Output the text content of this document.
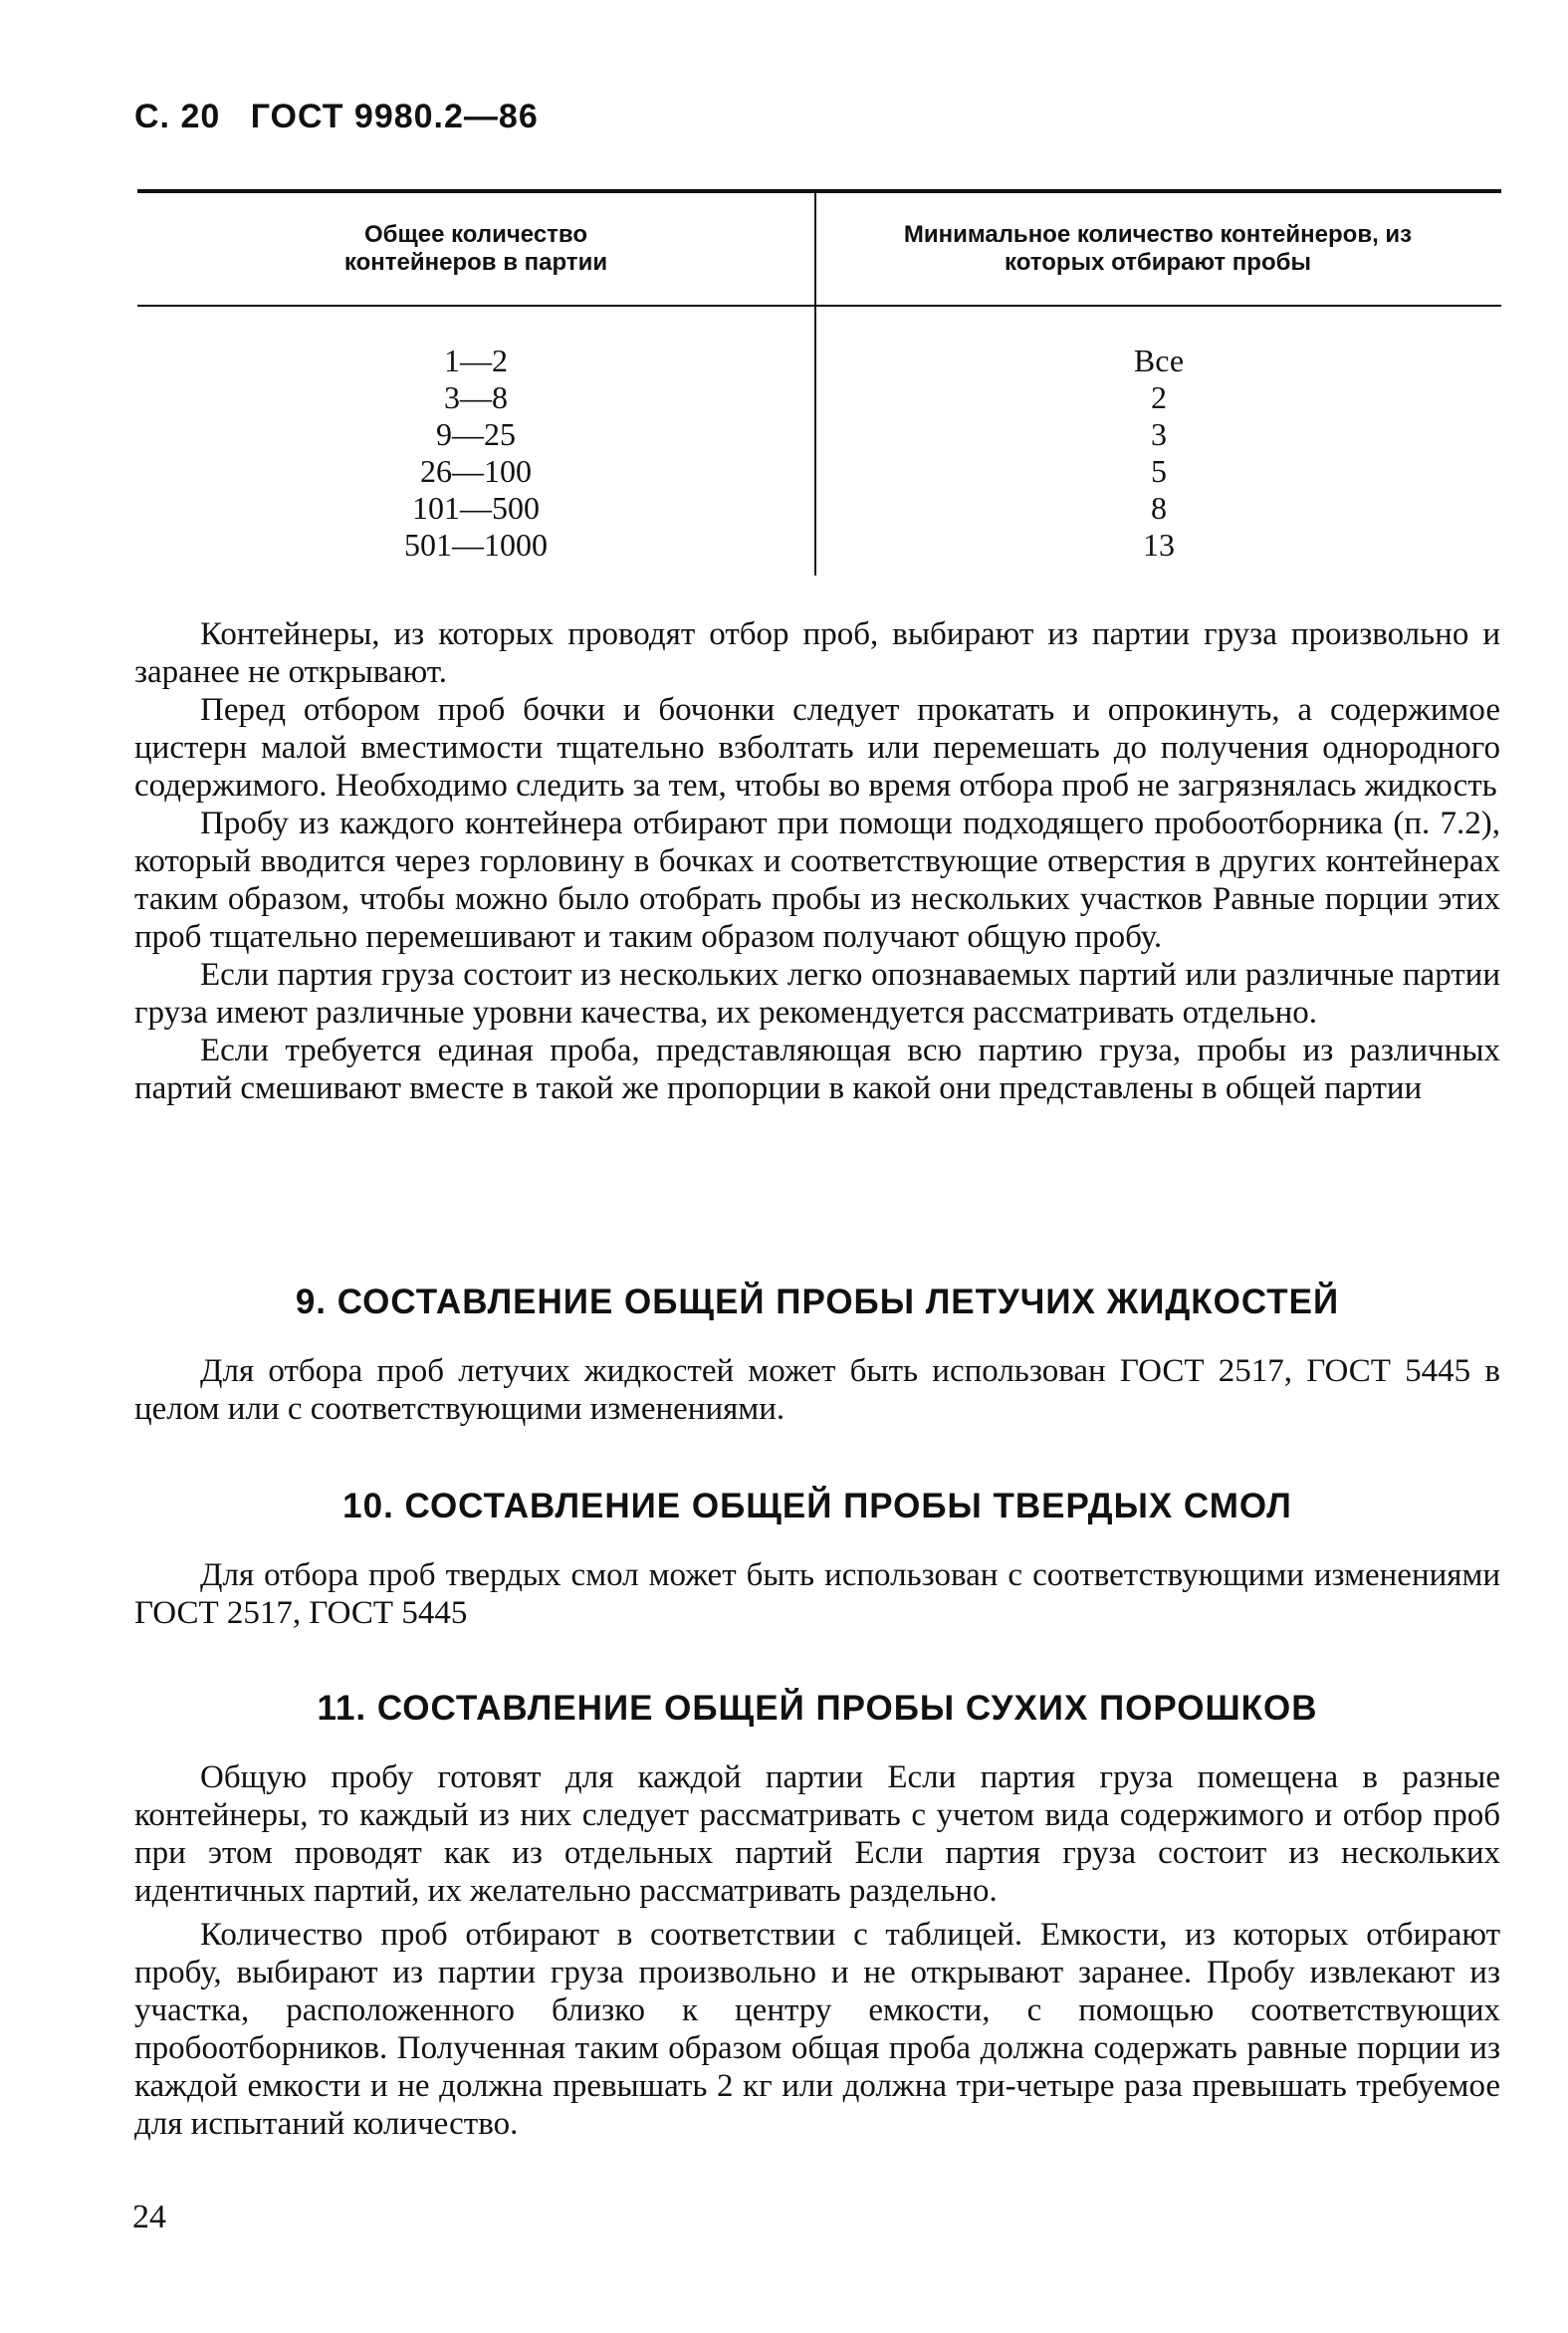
С. 20 ГОСТ 9980.2—86
Общее количество контейнеров в партии
Минимальное количество контейнеров, из которых отбирают пробы
1—2
3—8
9—25
26—100
101—500
501—1000
Все
2
3
5
8
13

Контейнеры, из которых проводят отбор проб, выбирают из партии груза произвольно и заранее не открывают.

Перед отбором проб бочки и бочонки следует прокатать и опрокинуть, а содержимое цистерн малой вместимости тщательно взболтать или перемешать до получения однородного содержимого. Необходимо следить за тем, чтобы во время отбора проб не загрязнялась жидкость

Пробу из каждого контейнера отбирают при помощи подходящего пробоотборника (п. 7.2), который вводится через горловину в бочках и соответствующие отверстия в других контейнерах таким образом, чтобы можно было отобрать пробы из нескольких участков Равные порции этих проб тщательно перемешивают и таким образом получают общую пробу.

Если партия груза состоит из нескольких легко опознаваемых партий или различные партии груза имеют различные уровни качества, их рекомендуется рассматривать отдельно.

Если требуется единая проба, представляющая всю партию груза, пробы из различных партий смешивают вместе в такой же пропорции в какой они представлены в общей партии

9. СОСТАВЛЕНИЕ ОБЩЕЙ ПРОБЫ ЛЕТУЧИХ ЖИДКОСТЕЙ

Для отбора проб летучих жидкостей может быть использован ГОСТ 2517, ГОСТ 5445 в целом или с соответствующими изменениями.

10. СОСТАВЛЕНИЕ ОБЩЕЙ ПРОБЫ ТВЕРДЫХ СМОЛ

Для отбора проб твердых смол может быть использован с соответствующими изменениями ГОСТ 2517, ГОСТ 5445

11. СОСТАВЛЕНИЕ ОБЩЕЙ ПРОБЫ СУХИХ ПОРОШКОВ

Общую пробу готовят для каждой партии Если партия груза помещена в разные контейнеры, то каждый из них следует рассматривать с учетом вида содержимого и отбор проб при этом проводят как из отдельных партий Если партия груза состоит из нескольких идентичных партий, их желательно рассматривать раздельно.

Количество проб отбирают в соответствии с таблицей. Емкости, из которых отбирают пробу, выбирают из партии груза произвольно и не открывают заранее. Пробу извлекают из участка, расположенного близко к центру емкости, с помощью соответствующих пробоотборников. Полученная таким образом общая проба должна содержать равные порции из каждой емкости и не должна превышать 2 кг или должна три-четыре раза превышать требуемое для испытаний количество.

24
